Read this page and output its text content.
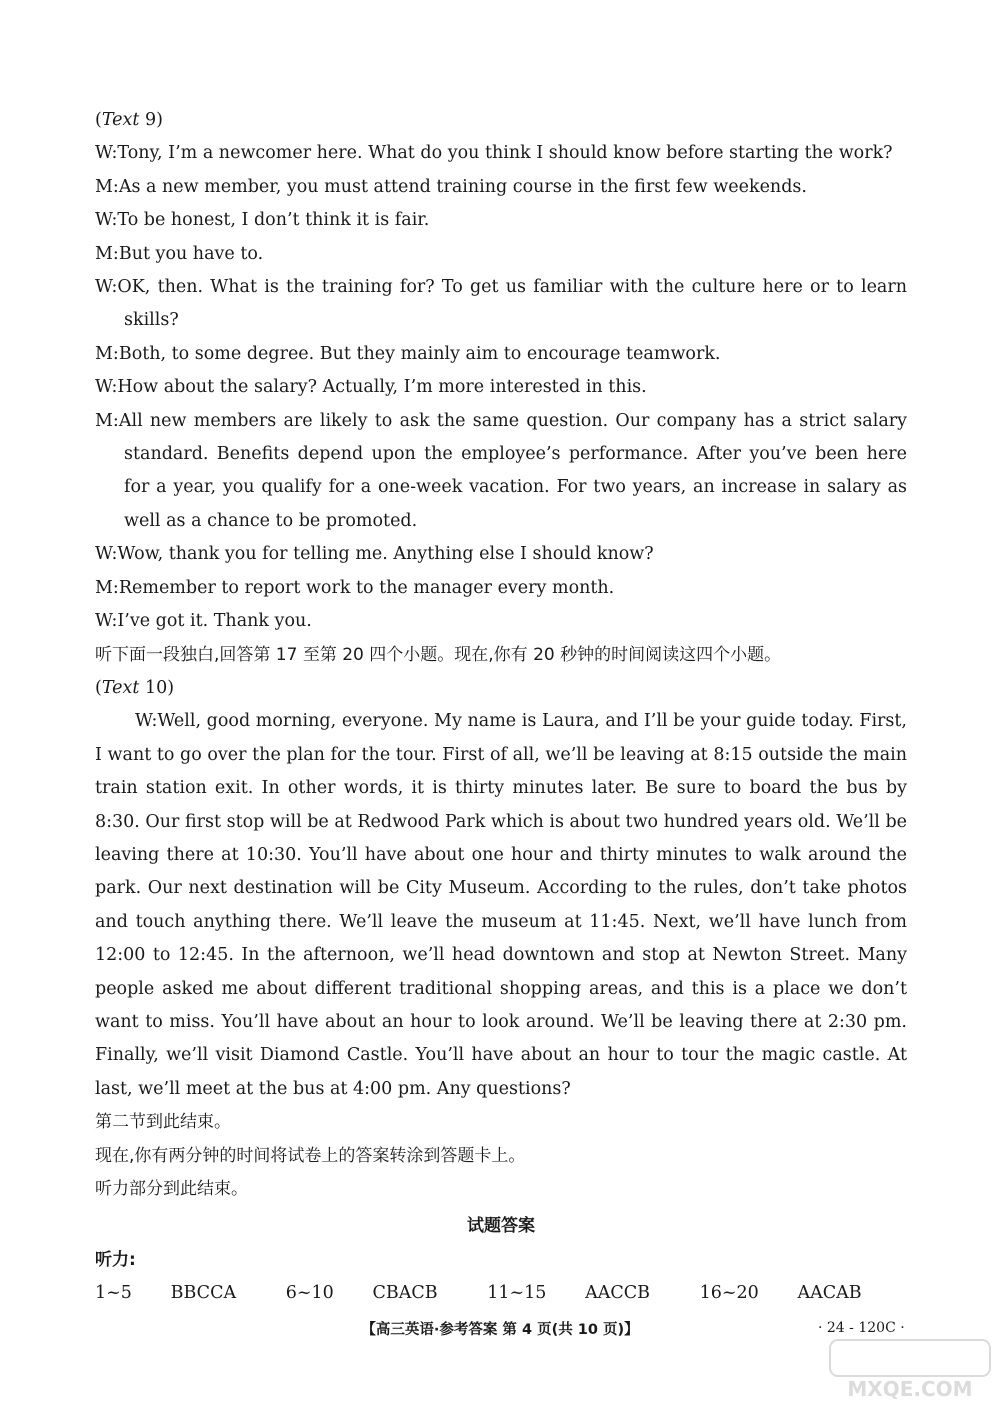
(Text 9)
W:Tony, I’m a newcomer here. What do you think I should know before starting the work?
M:As a new member, you must attend training course in the first few weekends.
W:To be honest, I don’t think it is fair.
M:But you have to.
W:OK, then. What is the training for? To get us familiar with the culture here or to learn skills?
M:Both, to some degree. But they mainly aim to encourage teamwork.
W:How about the salary? Actually, I’m more interested in this.
M:All new members are likely to ask the same question. Our company has a strict salary standard. Benefits depend upon the employee’s performance. After you’ve been here for a year, you qualify for a one-week vacation. For two years, an increase in salary as well as a chance to be promoted.
W:Wow, thank you for telling me. Anything else I should know?
M:Remember to report work to the manager every month.
W:I’ve got it. Thank you.
听下面一段独白,回答第 17 至第 20 四个小题。现在,你有 20 秒钟的时间阅读这四个小题。
(Text 10)
W:Well, good morning, everyone. My name is Laura, and I’ll be your guide today. First, I want to go over the plan for the tour. First of all, we’ll be leaving at 8:15 outside the main train station exit. In other words, it is thirty minutes later. Be sure to board the bus by 8:30. Our first stop will be at Redwood Park which is about two hundred years old. We’ll be leaving there at 10:30. You’ll have about one hour and thirty minutes to walk around the park. Our next destination will be City Museum. According to the rules, don’t take photos and touch anything there. We’ll leave the museum at 11:45. Next, we’ll have lunch from 12:00 to 12:45. In the afternoon, we’ll head downtown and stop at Newton Street. Many people asked me about different traditional shopping areas, and this is a place we don’t want to miss. You’ll have about an hour to look around. We’ll be leaving there at 2:30 pm. Finally, we’ll visit Diamond Castle. You’ll have about an hour to tour the magic castle. At last, we’ll meet at the bus at 4:00 pm. Any questions?
第二节到此结束。
现在,你有两分钟的时间将试卷上的答案转涂到答题卡上。
听力部分到此结束。
试题答案
听力:
1~5 BBCCA	6~10 CBACB	11~15 AACCB	16~20 AACAB
【高三英语·参考答案 第 4 页(共 10 页)】	· 24 - 120C ·
MXQE.COM
